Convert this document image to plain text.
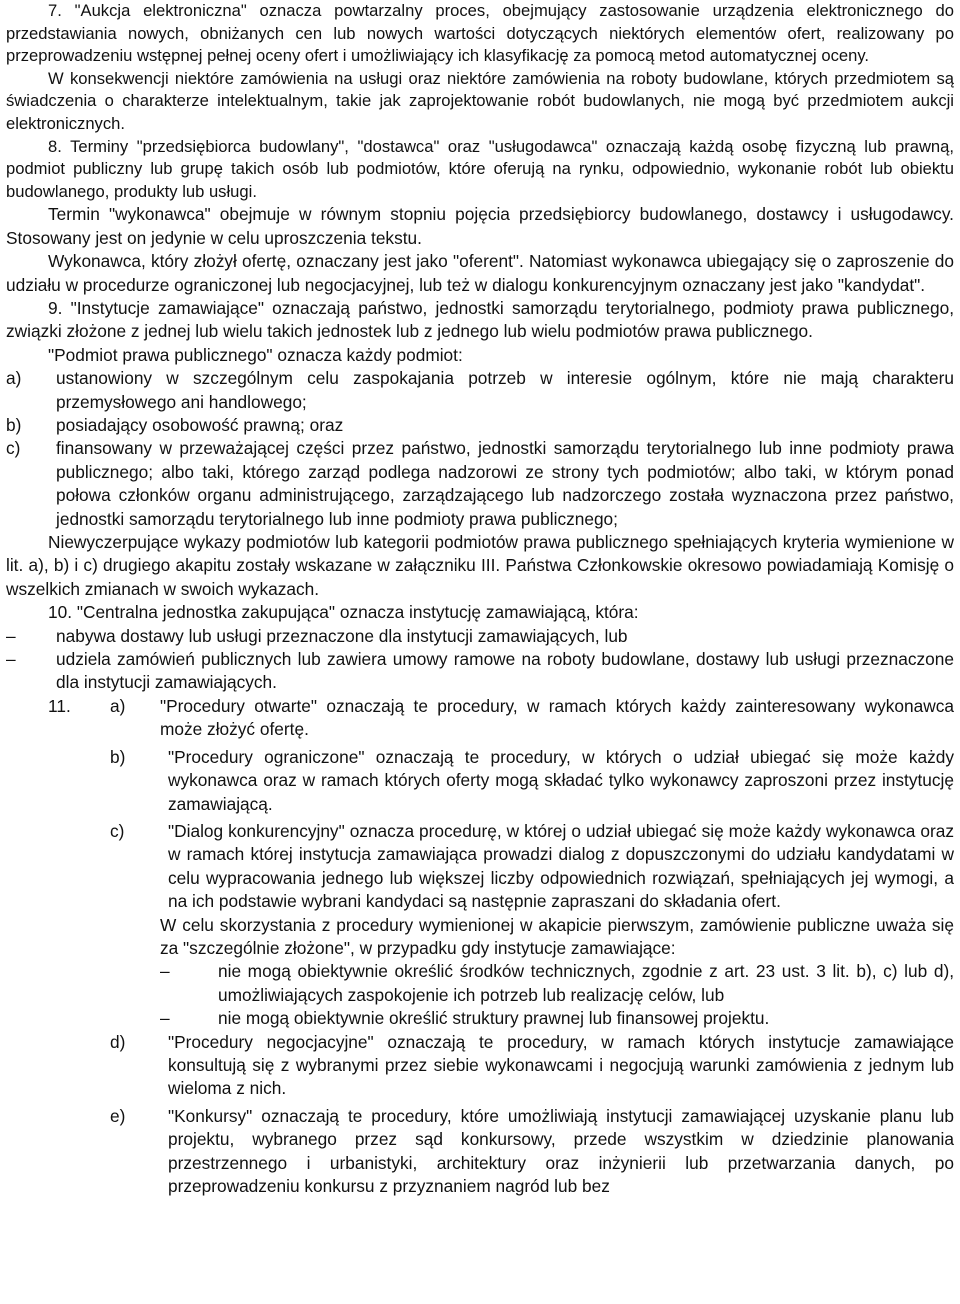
7. "Aukcja elektroniczna" oznacza powtarzalny proces, obejmujący zastosowanie urządzenia elektronicznego do przedstawiania nowych, obniżanych cen lub nowych wartości dotyczących niektórych elementów ofert, realizowany po przeprowadzeniu wstępnej pełnej oceny ofert i umożliwiający ich klasyfikację za pomocą metod automatycznej oceny.

W konsekwencji niektóre zamówienia na usługi oraz niektóre zamówienia na roboty budowlane, których przedmiotem są świadczenia o charakterze intelektualnym, takie jak zaprojektowanie robót budowlanych, nie mogą być przedmiotem aukcji elektronicznych.

8. Terminy "przedsiębiorca budowlany", "dostawca" oraz "usługodawca" oznaczają każdą osobę fizyczną lub prawną, podmiot publiczny lub grupę takich osób lub podmiotów, które oferują na rynku, odpowiednio, wykonanie robót lub obiektu budowlanego, produkty lub usługi.

Termin "wykonawca" obejmuje w równym stopniu pojęcia przedsiębiorcy budowlanego, dostawcy i usługodawcy. Stosowany jest on jedynie w celu uproszczenia tekstu.

Wykonawca, który złożył ofertę, oznaczany jest jako "oferent". Natomiast wykonawca ubiegający się o zaproszenie do udziału w procedurze ograniczonej lub negocjacyjnej, lub też w dialogu konkurencyjnym oznaczany jest jako "kandydat".

9. "Instytucje zamawiające" oznaczają państwo, jednostki samorządu terytorialnego, podmioty prawa publicznego, związki złożone z jednej lub wielu takich jednostek lub z jednego lub wielu podmiotów prawa publicznego.

"Podmiot prawa publicznego" oznacza każdy podmiot:

a)	ustanowiony w szczególnym celu zaspokajania potrzeb w interesie ogólnym, które nie mają charakteru przemysłowego ani handlowego;
b)	posiadający osobowość prawną; oraz
c)	finansowany w przeważającej części przez państwo, jednostki samorządu terytorialnego lub inne podmioty prawa publicznego; albo taki, którego zarząd podlega nadzorowi ze strony tych podmiotów; albo taki, w którym ponad połowa członków organu administrującego, zarządzającego lub nadzorczego została wyznaczona przez państwo, jednostki samorządu terytorialnego lub inne podmioty prawa publicznego;

Niewyczerpujące wykazy podmiotów lub kategorii podmiotów prawa publicznego spełniających kryteria wymienione w lit. a), b) i c) drugiego akapitu zostały wskazane w załączniku III. Państwa Członkowskie okresowo powiadamiają Komisję o wszelkich zmianach w swoich wykazach.

10. "Centralna jednostka zakupująca" oznacza instytucję zamawiającą, która:

–	nabywa dostawy lub usługi przeznaczone dla instytucji zamawiających, lub
–	udziela zamówień publicznych lub zawiera umowy ramowe na roboty budowlane, dostawy lub usługi przeznaczone dla instytucji zamawiających.
11.	a)	"Procedury otwarte" oznaczają te procedury, w ramach których każdy zainteresowany wykonawca może złożyć ofertę.
b)	"Procedury ograniczone" oznaczają te procedury, w których o udział ubiegać się może każdy wykonawca oraz w ramach których oferty mogą składać tylko wykonawcy zaproszoni przez instytucję zamawiającą.
c)	"Dialog konkurencyjny" oznacza procedurę, w której o udział ubiegać się może każdy wykonawca oraz w ramach której instytucja zamawiająca prowadzi dialog z dopuszczonymi do udziału kandydatami w celu wypracowania jednego lub większej liczby odpowiednich rozwiązań, spełniających jej wymogi, a na ich podstawie wybrani kandydaci są następnie zapraszani do składania ofert.

W celu skorzystania z procedury wymienionej w akapicie pierwszym, zamówienie publiczne uważa się za "szczególnie złożone", w przypadku gdy instytucje zamawiające:

–	nie mogą obiektywnie określić środków technicznych, zgodnie z art. 23 ust. 3 lit. b), c) lub d), umożliwiających zaspokojenie ich potrzeb lub realizację celów, lub
–	nie mogą obiektywnie określić struktury prawnej lub finansowej projektu.
d)	"Procedury negocjacyjne" oznaczają te procedury, w ramach których instytucje zamawiające konsultują się z wybranymi przez siebie wykonawcami i negocjują warunki zamówienia z jednym lub wieloma z nich.
e)	"Konkursy" oznaczają te procedury, które umożliwiają instytucji zamawiającej uzyskanie planu lub projektu, wybranego przez sąd konkursowy, przede wszystkim w dziedzinie planowania przestrzennego i urbanistyki, architektury oraz inżynierii lub przetwarzania danych, po przeprowadzeniu konkursu z przyznaniem nagród lub bez
